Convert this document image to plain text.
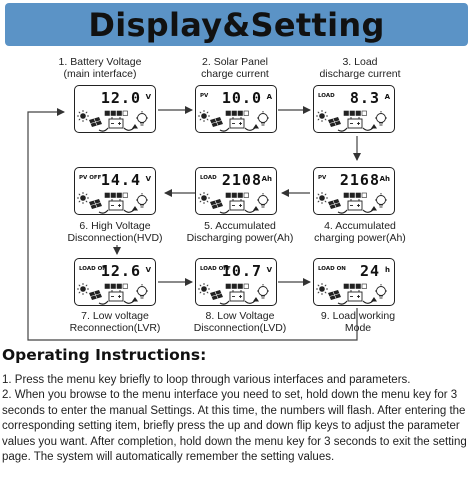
Display&Setting
12.0 V
1. Battery Voltage
(main interface)
PV 10.0 A
2. Solar Panel
charge current
LOAD 8.3 A
3. Load
discharge current
PV 2168 Ah
4. Accumulated
charging power(Ah)
LOAD 2108 Ah
5. Accumulated
Discharging power(Ah)
PV OFF 14.4 V
6. High Voltage
Disconnection(HVD)
LOAD ON
12.6 V
7. Low voltage
Reconnection(LVR)
LOAD OFF
10.7 V
8. Low Voltage
Disconnection(LVD)
LOAD ON 24 h
9. Load working
Mode
Operating Instructions:

1. Press the menu key briefly to loop through various interfaces and parameters.

2. When you browse to the menu interface you need to set, hold down the menu key for 3 seconds to enter the manual Settings. At this time, the numbers will flash. After entering the corresponding setting item, briefly press the up and down flip keys to adjust the parameter values you want. After completion, hold down the menu key for 3 seconds to exit the setting page. The system will automatically remember the setting values.
